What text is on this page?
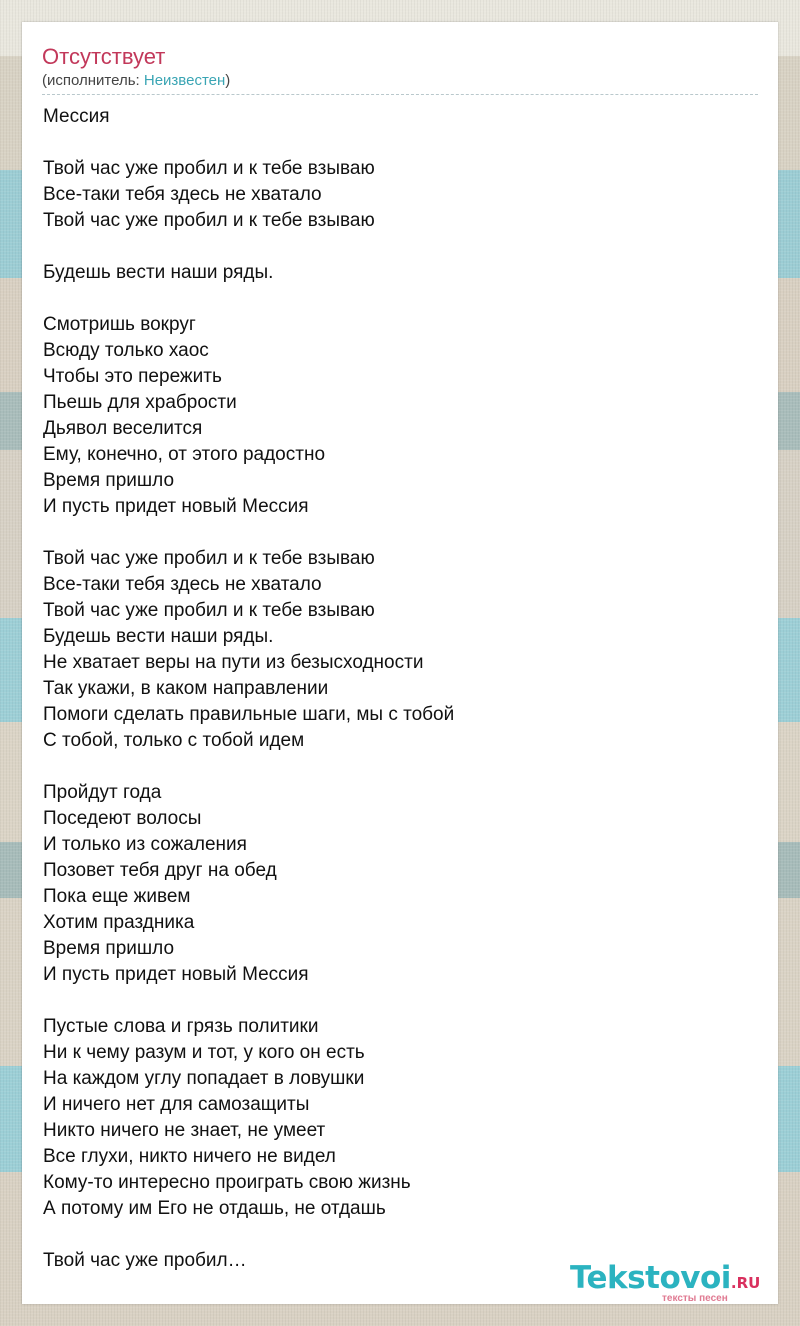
Отсутствует
(исполнитель: Неизвестен)
Мессия
Твой час уже пробил и к тебе взываю
Все-таки тебя здесь не хватало
Твой час уже пробил и к тебе взываю
Будешь вести наши ряды.
Смотришь вокруг
Всюду только хаос
Чтобы это пережить
Пьешь для храбрости
Дьявол веселится
Ему, конечно, от этого радостно
Время пришло
И пусть придет новый Мессия
Твой час уже пробил и к тебе взываю
Все-таки тебя здесь не хватало
Твой час уже пробил и к тебе взываю
Будешь вести наши ряды.
Не хватает веры на пути из безысходности
Так укажи, в каком направлении
Помоги сделать правильные шаги, мы с тобой
С тобой, только с тобой идем
Пройдут года
Поседеют волосы
И только из сожаления
Позовет тебя друг на обед
Пока еще живем
Хотим праздника
Время пришло
И пусть придет новый Мессия
Пустые слова и грязь политики
Ни к чему разум и тот, у кого он есть
На каждом углу попадает в ловушки
И ничего нет для самозащиты
Никто ничего не знает, не умеет
Все глухи, никто ничего не видел
Кому-то интересно проиграть свою жизнь
А потому им Его не отдашь, не отдашь
Твой час уже пробил…	Tekstovoi.RU
тексты песен
